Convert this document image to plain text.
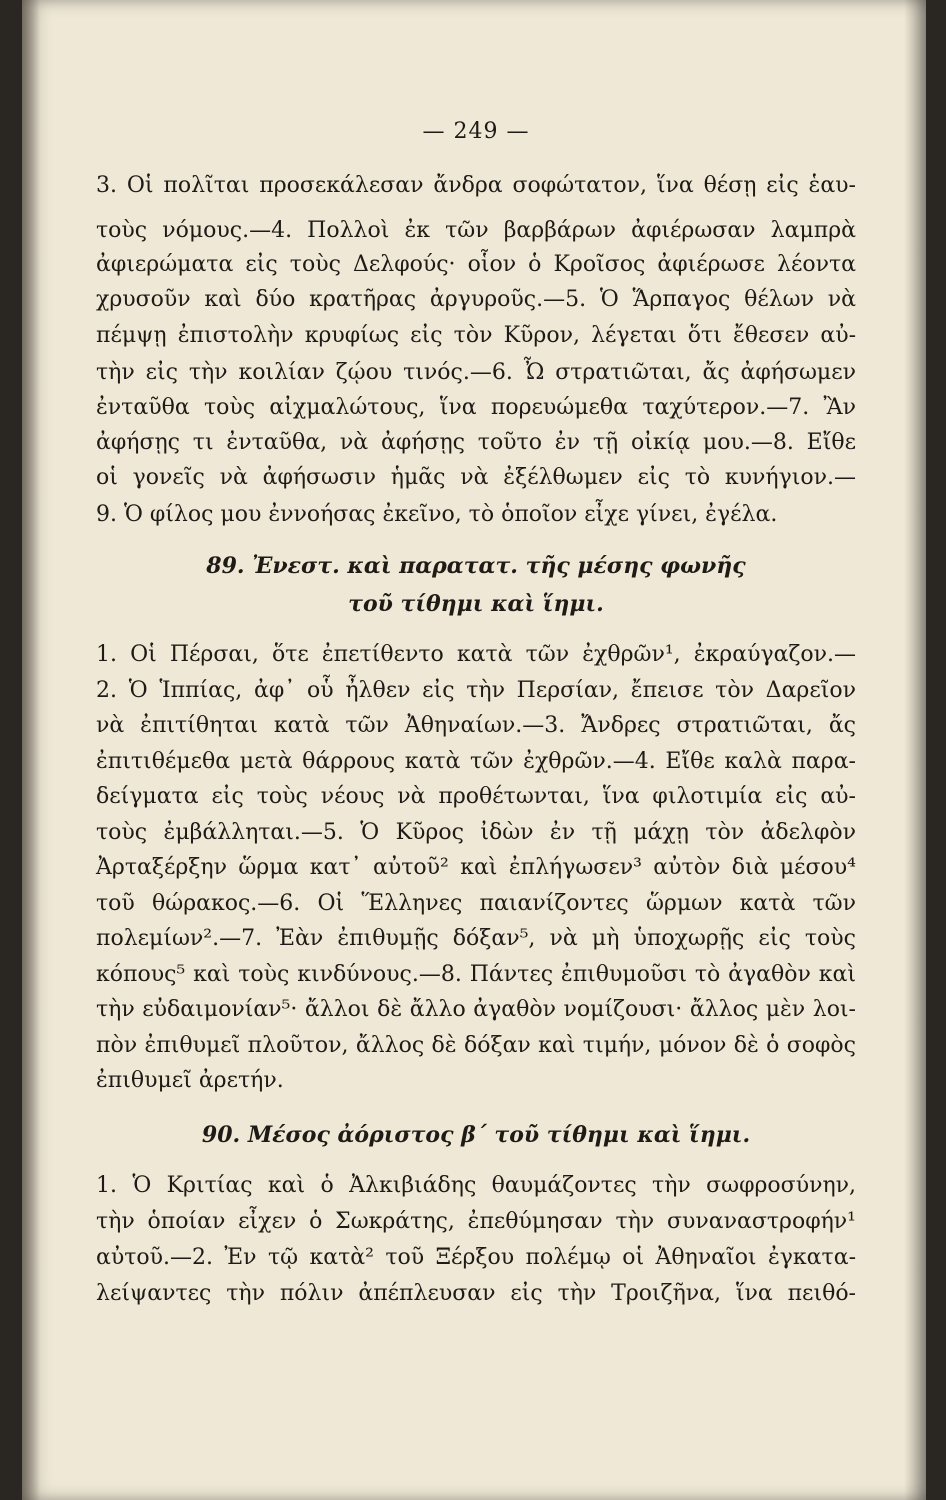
— 249 —
3. Οἱ πολῖται προσεκάλεσαν ἄνδρα σοφώτατον, ἵνα θέσῃ εἰς ἑαυ-
τοὺς νόμους.—4. Πολλοὶ ἐκ τῶν βαρβάρων ἀφιέρωσαν λαμπρὰ
ἀφιερώματα εἰς τοὺς Δελφούς· οἷον ὁ Κροῖσος ἀφιέρωσε λέοντα
χρυσοῦν καὶ δύο κρατῆρας ἀργυροῦς.—5. Ὁ Ἅρπαγος θέλων νὰ
πέμψῃ ἐπιστολὴν κρυφίως εἰς τὸν Κῦρον, λέγεται ὅτι ἔθεσεν αὐ-
τὴν εἰς τὴν κοιλίαν ζῴου τινός.—6. Ὦ στρατιῶται, ἄς ἀφήσωμεν
ἐνταῦθα τοὺς αἰχμαλώτους, ἵνα πορευώμεθα ταχύτερον.—7. Ἂν
ἀφήσῃς τι ἐνταῦθα, νὰ ἀφήσῃς τοῦτο ἐν τῇ οἰκίᾳ μου.—8. Εἴθε
οἱ γονεῖς νὰ ἀφήσωσιν ἡμᾶς νὰ ἐξέλθωμεν εἰς τὸ κυνήγιον.—
9. Ὁ φίλος μου ἐννοήσας ἐκεῖνο, τὸ ὁποῖον εἶχε γίνει, ἐγέλα.
89. Ἐνεστ. καὶ παρατατ. τῆς μέσης φωνῆς
τοῦ τίθημι καὶ ἵημι.
1. Οἱ Πέρσαι, ὅτε ἐπετίθεντο κατὰ τῶν ἐχθρῶν¹, ἐκραύγαζον.—
2. Ὁ Ἱππίας, ἀφ᾽ οὗ ἦλθεν εἰς τὴν Περσίαν, ἔπεισε τὸν Δαρεῖον
νὰ ἐπιτίθηται κατὰ τῶν Ἀθηναίων.—3. Ἄνδρες στρατιῶται, ἄς
ἐπιτιθέμεθα μετὰ θάρρους κατὰ τῶν ἐχθρῶν.—4. Εἴθε καλὰ παρα-
δείγματα εἰς τοὺς νέους νὰ προθέτωνται, ἵνα φιλοτιμία εἰς αὐ-
τοὺς ἐμβάλληται.—5. Ὁ Κῦρος ἰδὼν ἐν τῇ μάχῃ τὸν ἀδελφὸν
Ἀρταξέρξην ὥρμα κατ᾽ αὐτοῦ² καὶ ἐπλήγωσεν³ αὐτὸν διὰ μέσου⁴
τοῦ θώρακος.—6. Οἱ Ἕλληνες παιανίζοντες ὥρμων κατὰ τῶν
πολεμίων².—7. Ἐὰν ἐπιθυμῇς δόξαν⁵, νὰ μὴ ὑποχωρῇς εἰς τοὺς
κόπους⁵ καὶ τοὺς κινδύνους.—8. Πάντες ἐπιθυμοῦσι τὸ ἀγαθὸν καὶ
τὴν εὐδαιμονίαν⁵· ἄλλοι δὲ ἄλλο ἀγαθὸν νομίζουσι· ἄλλος μὲν λοι-
πὸν ἐπιθυμεῖ πλοῦτον, ἄλλος δὲ δόξαν καὶ τιμήν, μόνον δὲ ὁ σοφὸς
ἐπιθυμεῖ ἀρετήν.
90. Μέσος ἀόριστος β´ τοῦ τίθημι καὶ ἵημι.
1. Ὁ Κριτίας καὶ ὁ Ἀλκιβιάδης θαυμάζοντες τὴν σωφροσύνην,
τὴν ὁποίαν εἶχεν ὁ Σωκράτης, ἐπεθύμησαν τὴν συναναστροφήν¹
αὐτοῦ.—2. Ἐν τῷ κατὰ² τοῦ Ξέρξου πολέμῳ οἱ Ἀθηναῖοι ἐγκατα-
λείψαντες τὴν πόλιν ἀπέπλευσαν εἰς τὴν Τροιζῆνα, ἵνα πειθό-
